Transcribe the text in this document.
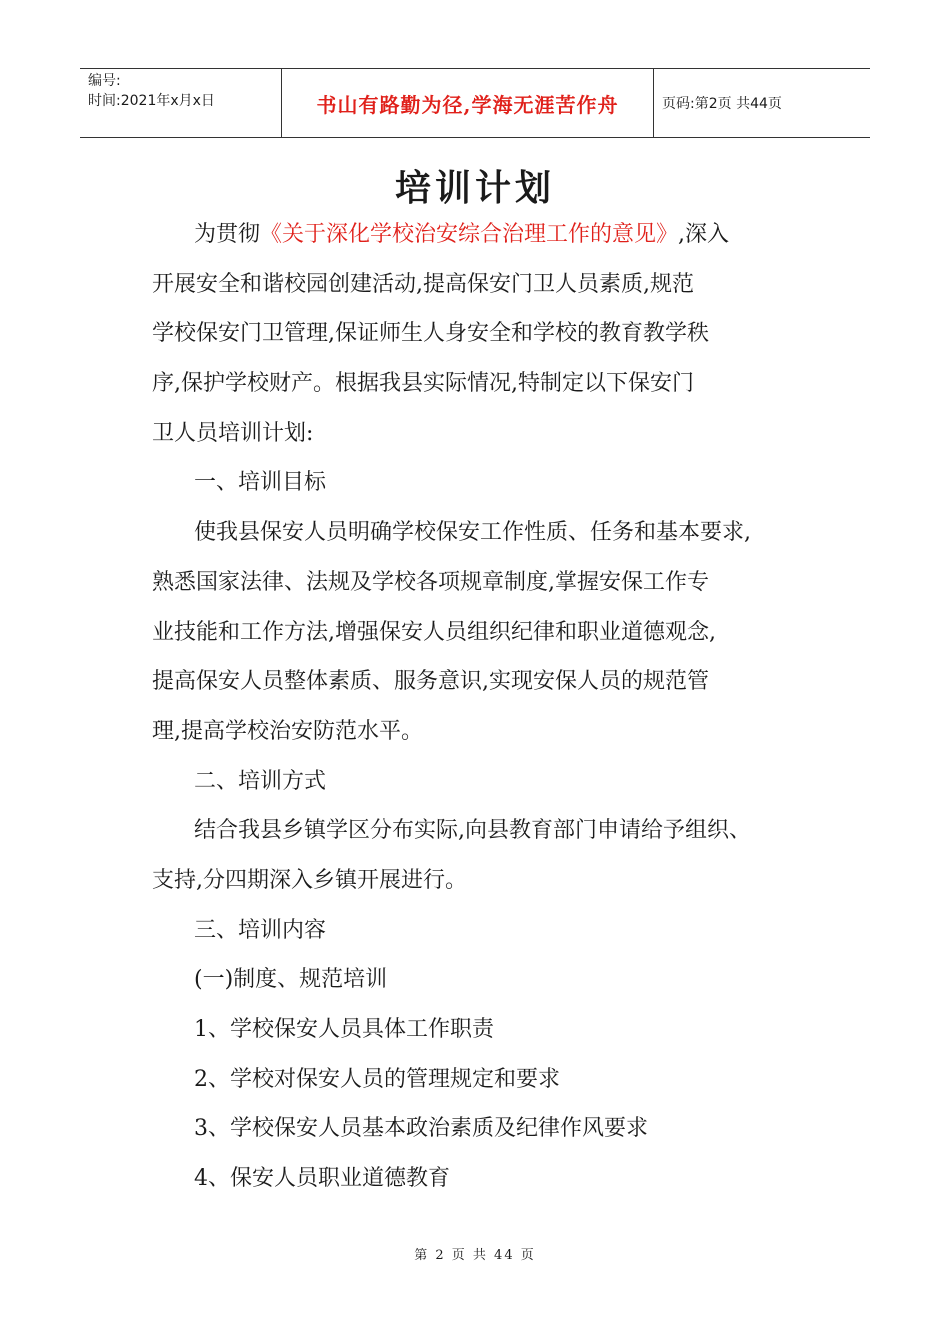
编号:
时间:2021年x月x日	书山有路勤为径,学海无涯苦作舟	页码:第2页 共44页
培训计划
为贯彻《关于深化学校治安综合治理工作的意见》,深入
开展安全和谐校园创建活动,提高保安门卫人员素质,规范
学校保安门卫管理,保证师生人身安全和学校的教育教学秩
序,保护学校财产。根据我县实际情况,特制定以下保安门
卫人员培训计划:
一、培训目标
使我县保安人员明确学校保安工作性质、任务和基本要求,
熟悉国家法律、法规及学校各项规章制度,掌握安保工作专
业技能和工作方法,增强保安人员组织纪律和职业道德观念,
提高保安人员整体素质、服务意识,实现安保人员的规范管
理,提高学校治安防范水平。
二、培训方式
结合我县乡镇学区分布实际,向县教育部门申请给予组织、
支持,分四期深入乡镇开展进行。
三、培训内容
(一)制度、规范培训
1、学校保安人员具体工作职责
2、学校对保安人员的管理规定和要求
3、学校保安人员基本政治素质及纪律作风要求
4、保安人员职业道德教育
第 2 页 共 44 页
